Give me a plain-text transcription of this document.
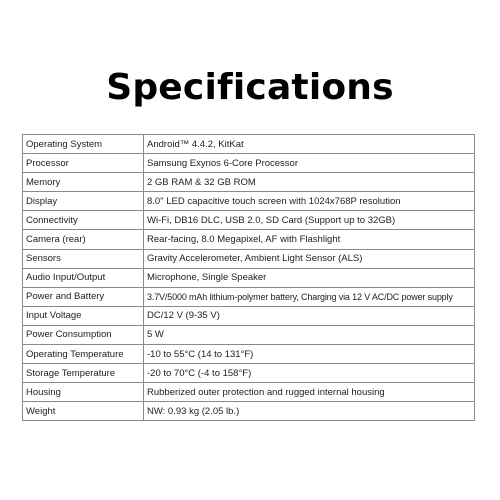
Specifications
Operating System	Android™ 4.4.2, KitKat
Processor	Samsung Exynos 6-Core Processor
Memory	2 GB RAM & 32 GB ROM
Display	8.0" LED capacitive touch screen with 1024x768P resolution
Connectivity	Wi-Fi, DB16 DLC, USB 2.0, SD Card (Support up to 32GB)
Camera (rear)	Rear-facing, 8.0 Megapixel, AF with Flashlight
Sensors	Gravity Accelerometer, Ambient Light Sensor (ALS)
Audio Input/Output	Microphone, Single Speaker
Power and Battery	3.7V/5000 mAh lithium-polymer battery, Charging via 12 V AC/DC power supply
Input Voltage	DC/12 V (9-35 V)
Power Consumption	5 W
Operating Temperature	-10 to 55°C (14 to 131°F)
Storage Temperature	-20 to 70°C (-4 to 158°F)
Housing	Rubberized outer protection and rugged internal housing
Weight	NW: 0.93 kg (2.05 lb.)
